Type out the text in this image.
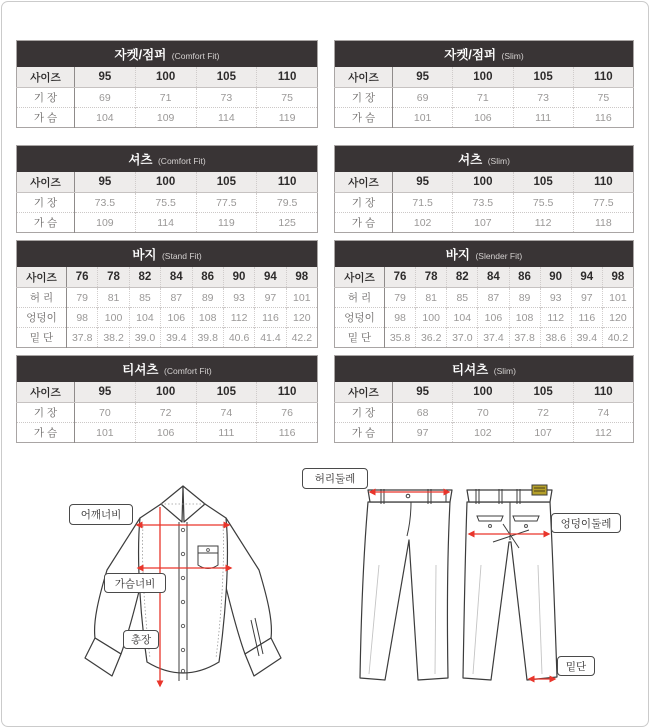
자켓/점퍼 (Comfort Fit)				
사이즈	95	100	105	110
기 장	69	71	73	75
가 슴	104	109	114	119
자켓/점퍼 (Slim)				
사이즈	95	100	105	110
기 장	69	71	73	75
가 슴	101	106	111	116
셔츠 (Comfort Fit)				
사이즈	95	100	105	110
기 장	73.5	75.5	77.5	79.5
가 슴	109	114	119	125
셔츠 (Slim)				
사이즈	95	100	105	110
기 장	71.5	73.5	75.5	77.5
가 슴	102	107	112	118
바지 (Stand Fit)								
사이즈	76	78	82	84	86	90	94	98
허 리	79	81	85	87	89	93	97	101
엉덩이	98	100	104	106	108	112	116	120
밑 단	37.8	38.2	39.0	39.4	39.8	40.6	41.4	42.2
바지 (Slender Fit)								
사이즈	76	78	82	84	86	90	94	98
허 리	79	81	85	87	89	93	97	101
엉덩이	98	100	104	106	108	112	116	120
밑 단	35.8	36.2	37.0	37.4	37.8	38.6	39.4	40.2
티셔츠 (Comfort Fit)				
사이즈	95	100	105	110
기 장	70	72	74	76
가 슴	101	106	111	116
티셔츠 (Slim)				
사이즈	95	100	105	110
기 장	68	70	72	74
가 슴	97	102	107	112
어깨너비
가슴너비
총장
허리둘레
엉덩이둘레
밑단
